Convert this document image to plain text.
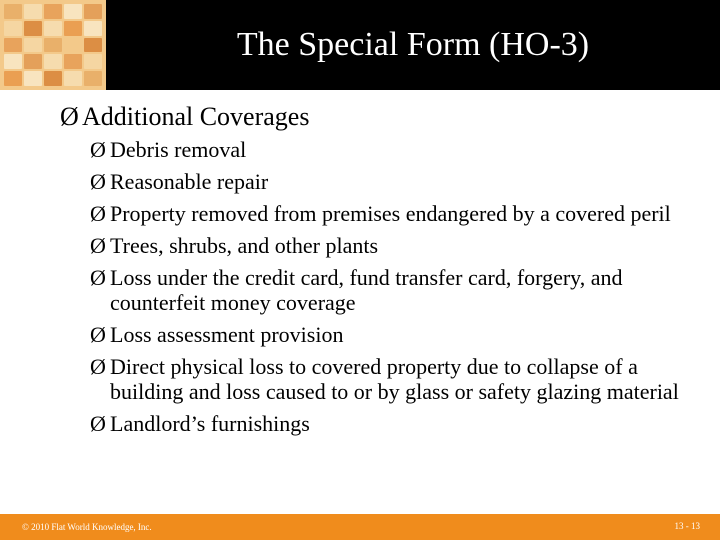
The Special Form (HO-3)
Ø Additional Coverages
Ø Debris removal
Ø Reasonable repair
Ø Property removed from premises endangered by a covered peril
Ø Trees, shrubs, and other plants
Ø Loss under the credit card, fund transfer card, forgery, and counterfeit money coverage
Ø Loss assessment provision
Ø Direct physical loss to covered property due to collapse of a building and loss caused to or by glass or safety glazing material
Ø Landlord’s furnishings
© 2010 Flat World Knowledge, Inc.	13 - 13
